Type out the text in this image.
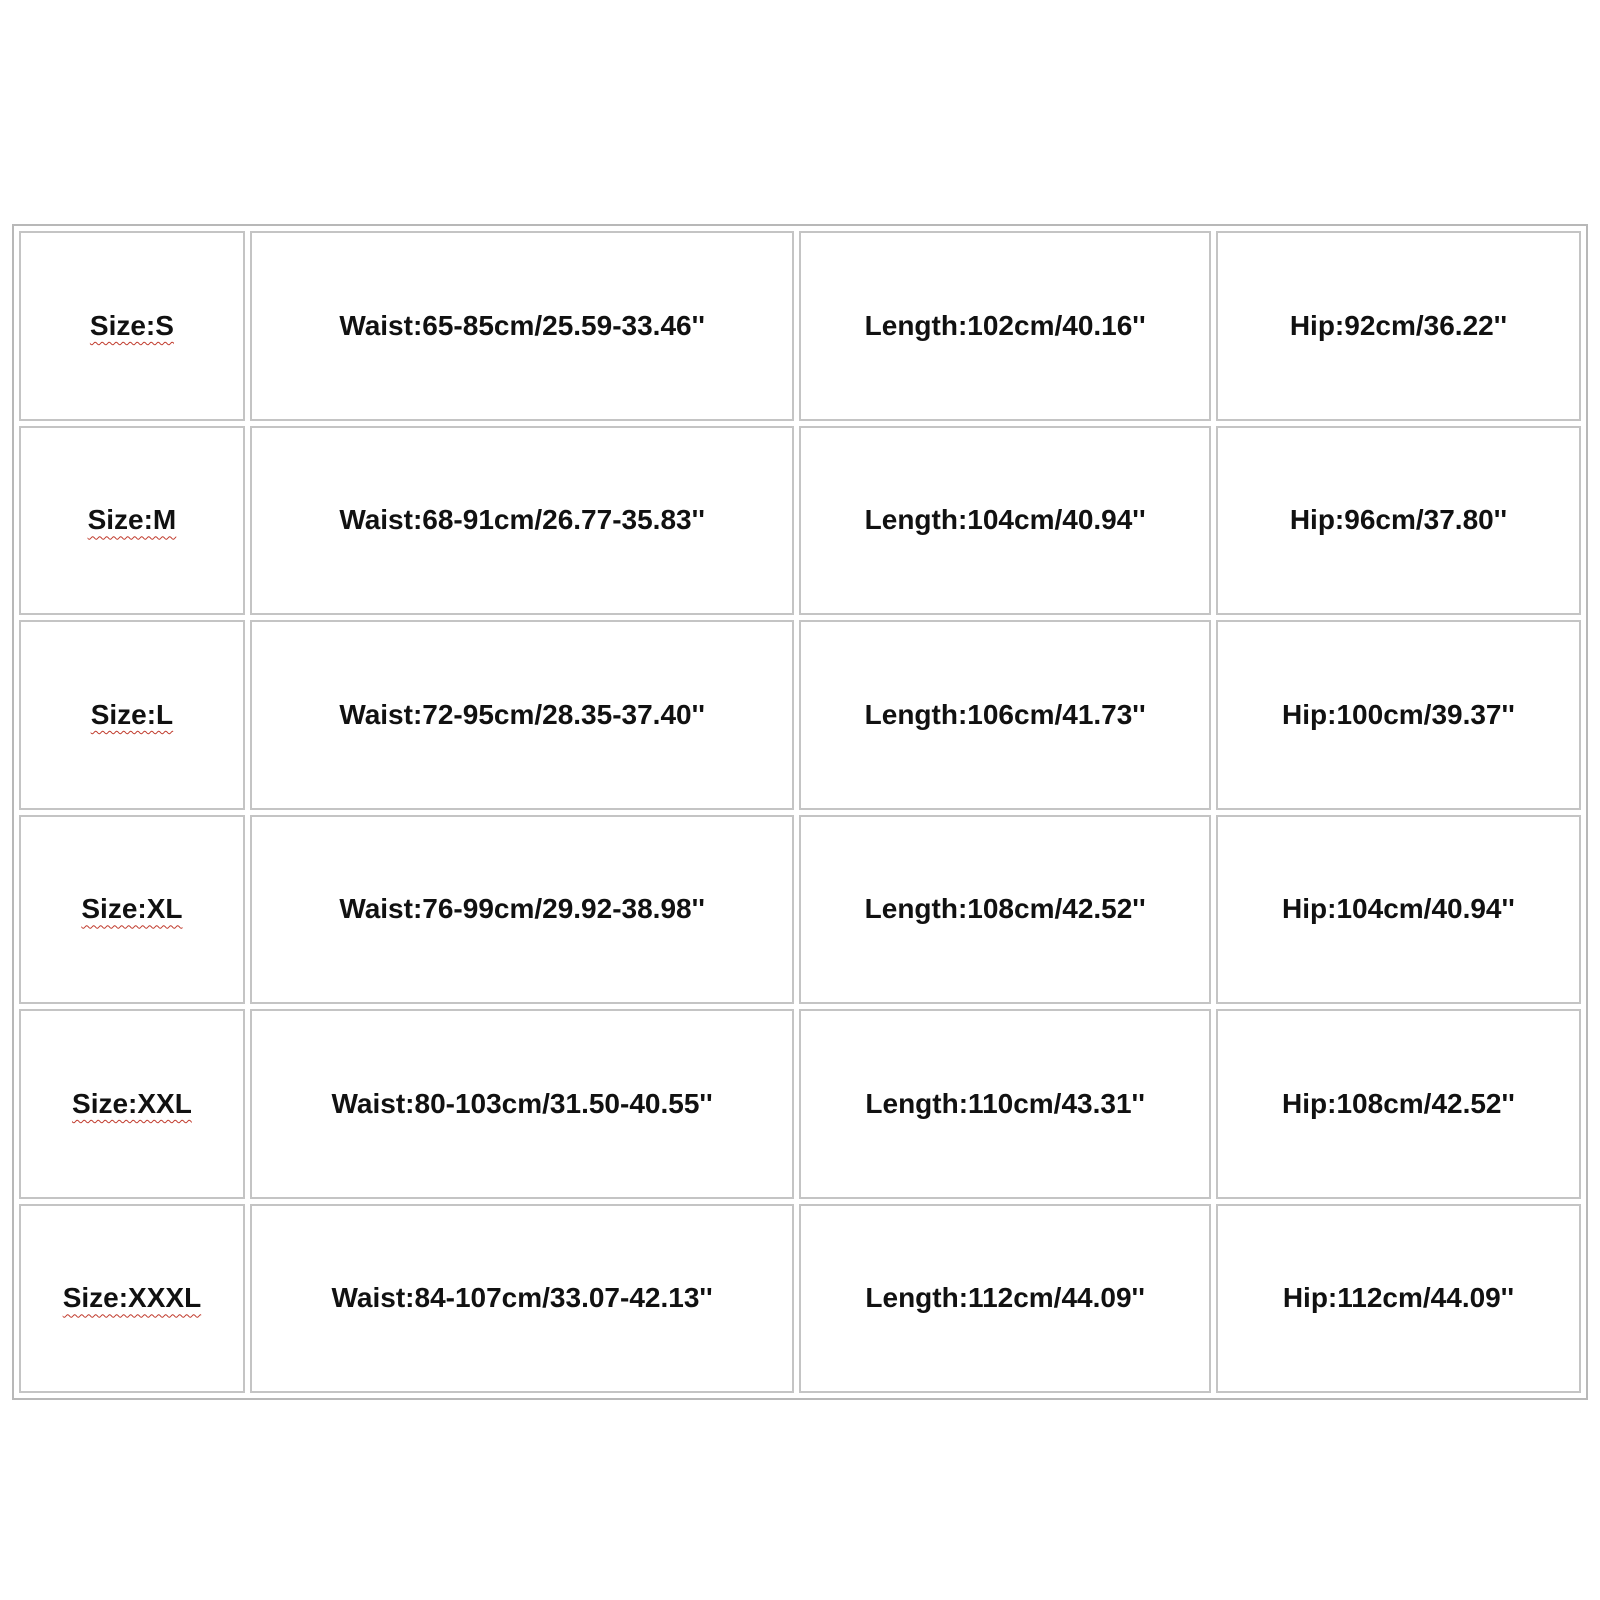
Size:S	Waist:65-85cm/25.59-33.46''	Length:102cm/40.16''	Hip:92cm/36.22''
Size:M	Waist:68-91cm/26.77-35.83''	Length:104cm/40.94''	Hip:96cm/37.80''
Size:L	Waist:72-95cm/28.35-37.40''	Length:106cm/41.73''	Hip:100cm/39.37''
Size:XL	Waist:76-99cm/29.92-38.98''	Length:108cm/42.52''	Hip:104cm/40.94''
Size:XXL	Waist:80-103cm/31.50-40.55''	Length:110cm/43.31''	Hip:108cm/42.52''
Size:XXXL	Waist:84-107cm/33.07-42.13''	Length:112cm/44.09''	Hip:112cm/44.09''
